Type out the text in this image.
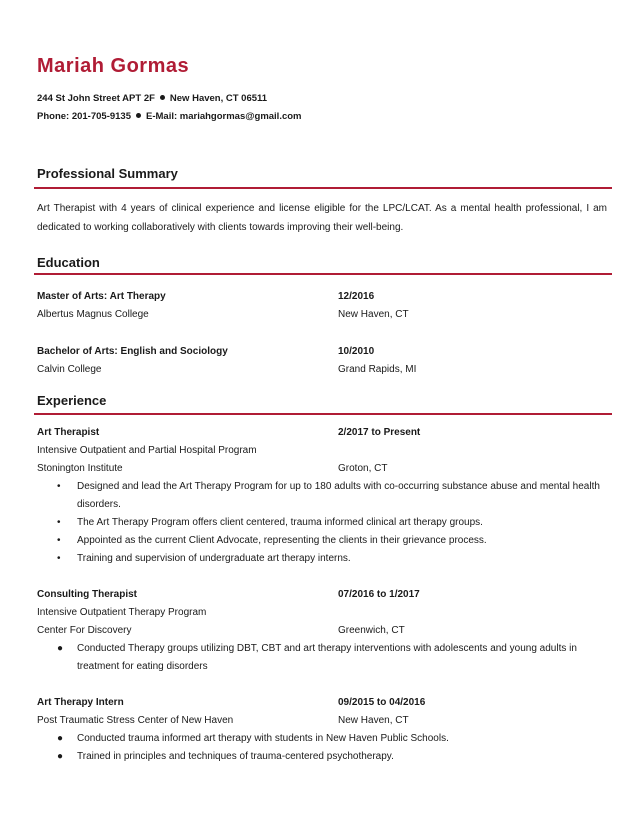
Mariah Gormas
244 St John Street APT 2F New Haven, CT 06511
Phone: 201-705-9135 E-Mail: mariahgormas@gmail.com
Professional Summary
Art Therapist with 4 years of clinical experience and license eligible for the LPC/LCAT. As a mental health professional, I am dedicated to working collaboratively with clients towards improving their well-being.
Education
Master of Arts: Art Therapy	12/2016
Albertus Magnus College	New Haven, CT
Bachelor of Arts: English and Sociology	10/2010
Calvin College	Grand Rapids, MI
Experience
Art Therapist	2/2017 to Present
Intensive Outpatient and Partial Hospital Program
Stonington Institute	Groton, CT
•	Designed and lead the Art Therapy Program for up to 180 adults with co-occurring substance abuse and mental health disorders.
•	The Art Therapy Program offers client centered, trauma informed clinical art therapy groups.
•	Appointed as the current Client Advocate, representing the clients in their grievance process.
•	Training and supervision of undergraduate art therapy interns.
Consulting Therapist	07/2016 to 1/2017
Intensive Outpatient Therapy Program
Center For Discovery	Greenwich, CT
● Conducted Therapy groups utilizing DBT, CBT and art therapy interventions with adolescents and young adults in treatment for eating disorders
Art Therapy Intern	09/2015 to 04/2016
Post Traumatic Stress Center of New Haven	New Haven, CT
● Conducted trauma informed art therapy with students in New Haven Public Schools.
● Trained in principles and techniques of trauma-centered psychotherapy.
